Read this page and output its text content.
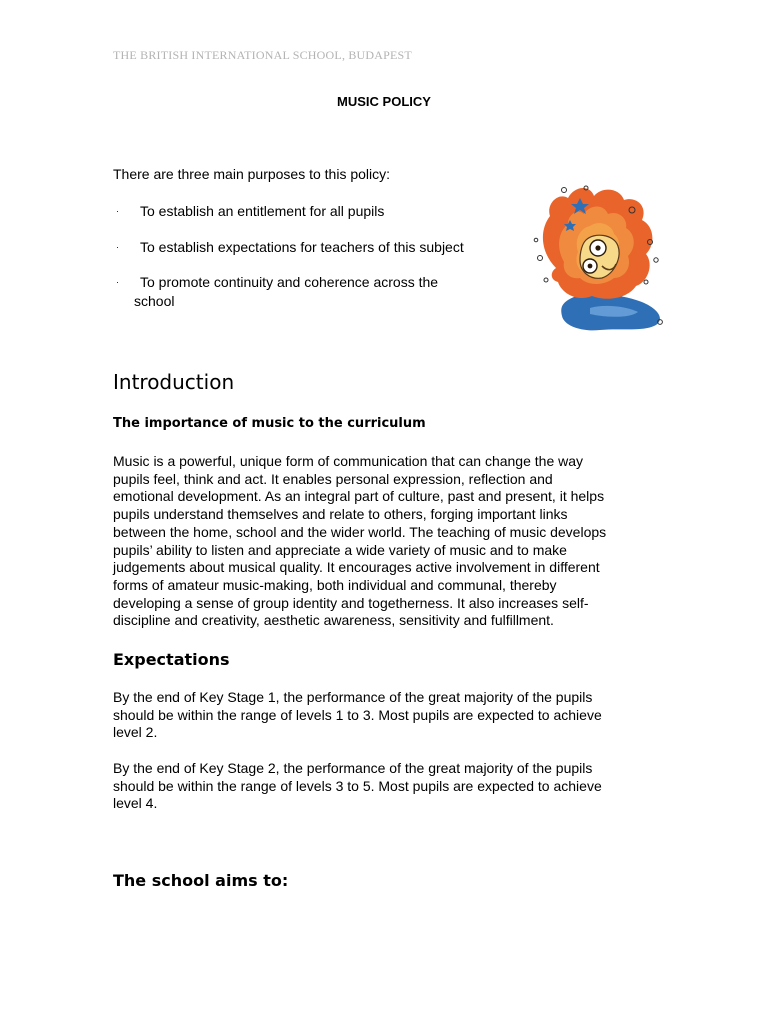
THE BRITISH INTERNATIONAL SCHOOL, BUDAPEST
MUSIC POLICY
There are three main purposes to this policy:
· To establish an entitlement for all pupils
· To establish expectations for teachers of this subject
· To promote continuity and coherence across the
school
Introduction
The importance of music to the curriculum
Music is a powerful, unique form of communication that can change the way
pupils feel, think and act. It enables personal expression, reflection and
emotional development. As an integral part of culture, past and present, it helps
pupils understand themselves and relate to others, forging important links
between the home, school and the wider world. The teaching of music develops
pupils’ ability to listen and appreciate a wide variety of music and to make
judgements about musical quality. It encourages active involvement in different
forms of amateur music-making, both individual and communal, thereby
developing a sense of group identity and togetherness. It also increases self-
discipline and creativity, aesthetic awareness, sensitivity and fulfillment.
Expectations
By the end of Key Stage 1, the performance of the great majority of the pupils
should be within the range of levels 1 to 3. Most pupils are expected to achieve
level 2.
By the end of Key Stage 2, the performance of the great majority of the pupils
should be within the range of levels 3 to 5. Most pupils are expected to achieve
level 4.
The school aims to:
